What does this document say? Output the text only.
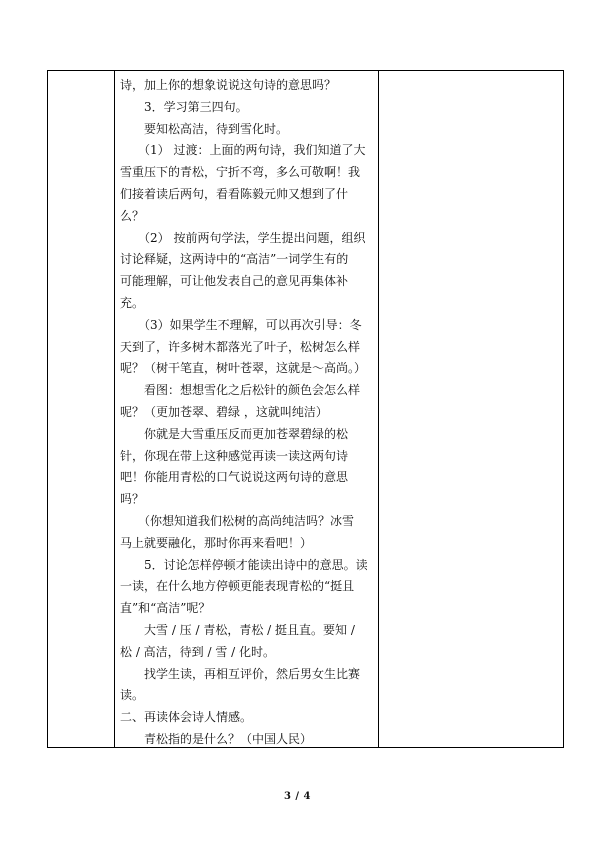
诗，加上你的想象说说这句诗的意思吗？
　　3．学习第三四句。
　　要知松高洁，待到雪化时。
　　（1） 过渡：上面的两句诗，我们知道了大
雪重压下的青松，宁折不弯，多么可敬啊！我
们接着读后两句，看看陈毅元帅又想到了什
么？
　　（2） 按前两句学法，学生提出问题，组织
讨论释疑，这两诗中的“高洁”一词学生有的
可能理解，可让他发表自己的意见再集体补
充。
　　（3）如果学生不理解，可以再次引导：冬
天到了，许多树木都落光了叶子，松树怎么样
呢？（树干笔直，树叶苍翠，这就是～高尚。）
　　看图：想想雪化之后松针的颜色会怎么样
呢？（更加苍翠、碧绿 ，这就叫纯洁）
　　你就是大雪重压反而更加苍翠碧绿的松
针，你现在带上这种感觉再读一读这两句诗
吧！你能用青松的口气说说这两句诗的意思
吗？
　　（你想知道我们松树的高尚纯洁吗？冰雪
马上就要融化，那时你再来看吧！）
　　5．讨论怎样停顿才能读出诗中的意思。读
一读，在什么地方停顿更能表现青松的“挺且
直”和“高洁”呢？
　　大雪 / 压 / 青松，青松 / 挺且直。要知 /
松 / 高洁，待到 / 雪 / 化时。
　　找学生读，再相互评价，然后男女生比赛
读。
二、再读体会诗人情感。
　　青松指的是什么？（中国人民）
3 / 4
